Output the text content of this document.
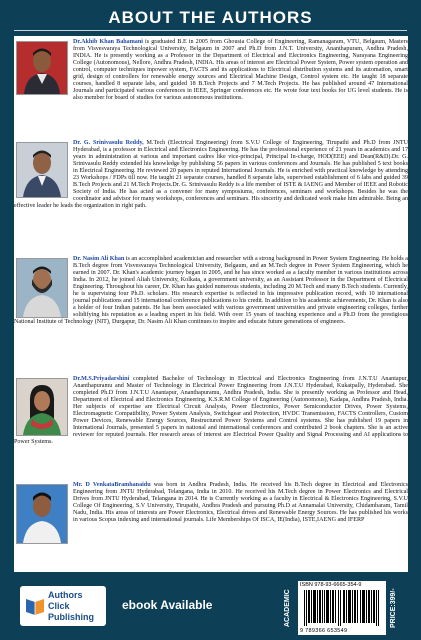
ABOUT THE AUTHORS
Dr.Akhib Khan Bahamani is graduated B.E in 2005 from Ghousia College of Engineering, Ramanagaram, VTU, Belgaum, Masters from Visvesvaraya Technological University, Belgaum in 2007 and Ph.D from J.N.T. University, Ananthapuram, Andhra Pradesh, INDIA. He is presently working as a Professor in the Department of Electrical and Electronics Engineering, Narayana Engineering College (Autonomous), Nellore, Andhra Pradesh, INDIA. His areas of interest are Electrical Power System, Power system operation and control, computer techniques inpower system, FACTS and its applications to Electrical distribution systems and its automation, smart grid, design of controllers for renewable energy sources and Electrical Machine Design, Control system etc. He taught 18 separate courses, handled 8 separate labs, and guided 18 B.Tech Projects and 7 M.Tech Projects. He has published around 47 International Journals and participated various conferences in IEEE, Springer conferences etc. He wrote four text books for UG level students. He is also member for board of studies for various autonomous institutions.
Dr. G. Srinivasulu Reddy, M.Tech (Electrical Engineering) from S.V.U College of Engineering, Tirupathi and Ph.D from JNTU Hyderabad, is a professor in Electrical and Electronics Engineering. He has the professional experience of 21 years in academics and 17 years in administration at various and important cadres like vice-principal, Principal In-charge, HOD(EEE) and Dean(R&D).Dr. G. Srinivasulu Reddy extended his knowledge by publishing 56 papers in various conferences and Journals. He has published 5 text books in Electrical Engineering. He reviewed 20 papers in reputed International Journals. He is enriched with practical knowledge by attending 23 Workshops / FDPs till now. He taught 21 separate courses, handled 8 separate labs, supervised establishment of 6 labs and guided 39 B.Tech Projects and 21 M.Tech Projects.Dr. G. Srinivasulu Reddy is a life member of ISTE & IAENG and Member of IEEE and Robotic Society of India. He has acted as a convener for many symposiums, conferences, seminars and workshops. Besides he was the coordinator and advisor for many workshops, conferences and seminars. His sincerity and dedicated work make him admirable. Being an effective leader he leads the organization in right path.
Dr. Nasim Ali Khan is an accomplished academician and researcher with a strong background in Power System Engineering. He holds a B.Tech degree from Visvesvaraya Technological University, Belgaum, and an M.Tech degree in Power System Engineering, which he earned in 2007. Dr. Khan's academic journey began in 2005, and he has since worked as a faculty member in various institutions across India. In 2012, he joined Aliah University, Kolkata, a government university, as an Assistant Professor in the Department of Electrical Engineering. Throughout his career, Dr. Khan has guided numerous students, including 20 M.Tech and many B.Tech students. Currently, he is supervising four Ph.D. scholars. His research expertise is reflected in his impressive publication record, with 10 international journal publications and 15 international conference publications to his credit. In addition to his academic achievements, Dr. Khan is also a holder of four Indian patents. He has been associated with various government universities and private engineering colleges, further solidifying his reputation as a leading expert in his field. With over 15 years of teaching experience and a Ph.D from the prestigious National Institute of Technology (NIT), Durgapur, Dr. Nasim Ali Khan continues to inspire and educate future generations of engineers.
Dr.M.S.Priyadarshini completed Bachelor of Technology in Electrical and Electronics Engineering from J.N.T.U Anantapur, Ananthapuramu and Master of Technology in Electrical Power Engineering from J.N.T.U Hyderabad, Kukatpally, Hyderabad. She completed Ph.D from J.N.T.U Anantapur, Ananthapuramu, Andhra Pradesh, India. She is presently working as Professor and Head, Department of Electrical and Electronics Engineering, K.S.R.M College of Engineering (Autonomous), Kadapa, Andhra Pradesh, India. Her subjects of expertise are Electrical Circuit Analysis, Power Electronics, Power Semiconductor Drives, Power Systems, Electromagnetic Compatibility, Power System Analysis, Switchgear and Protection, HVDC Transmission, FACTS Controllers, Custom Power Devices, Renewable Energy Sources, Restructured Power Systems and Control systems. She has published 19 papers in International Journals, presented 5 papers in national and international conferences and contributed 2 book chapters. She is an active reviewer for reputed journals. Her research areas of interest are Electrical Power Quality and Signal Processing and AI applications to Power Systems.
Mr. D VenkataBramhanaidu was born in Andhra Pradesh, India. He received his B.Tech degree in Electrical and Electronics Engineering from JNTU Hyderabad, Telangana, India in 2010. He received his M.Tech degree in Power Electronics and Electrical Drives from JNTU Hyderabad, Telangana in 2014. He is Currently working as a faculty in Electrical & Electronics Engineering, S.V.U College Of Engineering, S.V University, Tirupathi, Andhra Pradesh and pursuing Ph.D at Annamalai University, Chidambaram, Tamil Nadu, India. His areas of interests are Power Electronics, Electrical drives and Renewable Energy Sources. He has published his works in various Scopus indexing and international journals. Life Memberships Of ISCA, IE(India), ISTE,IAENG and IFERP
Authors Click
Publishing
ebook Available	ACADEMIC
ISBN 978-93-6665-354-9
9 789366 653549
PRICE:399/-
